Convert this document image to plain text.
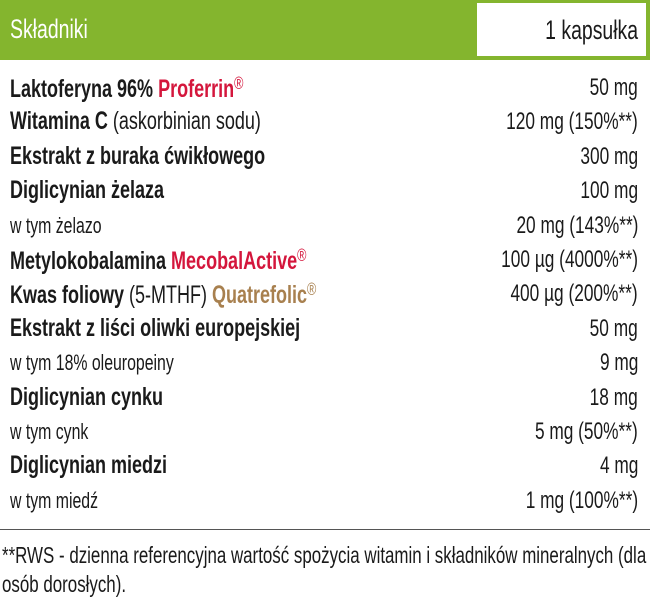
Składniki	1 kapsułka
Laktoferyna 96% Proferrin®	50 mg
Witamina C (askorbinian sodu)	120 mg (150%**)
Ekstrakt z buraka ćwikłowego	300 mg
Diglicynian żelaza	100 mg
w tym żelazo	20 mg (143%**)
Metylokobalamina MecobalActive®	100 µg (4000%**)
Kwas foliowy (5-MTHF) Quatrefolic®	400 µg (200%**)
Ekstrakt z liści oliwki europejskiej	50 mg
w tym 18% oleuropeiny	9 mg
Diglicynian cynku	18 mg
w tym cynk	5 mg (50%**)
Diglicynian miedzi	4 mg
w tym miedź	1 mg (100%**)
**RWS - dzienna referencyjna wartość spożycia witamin i składników mineralnych (dla osób dorosłych).
